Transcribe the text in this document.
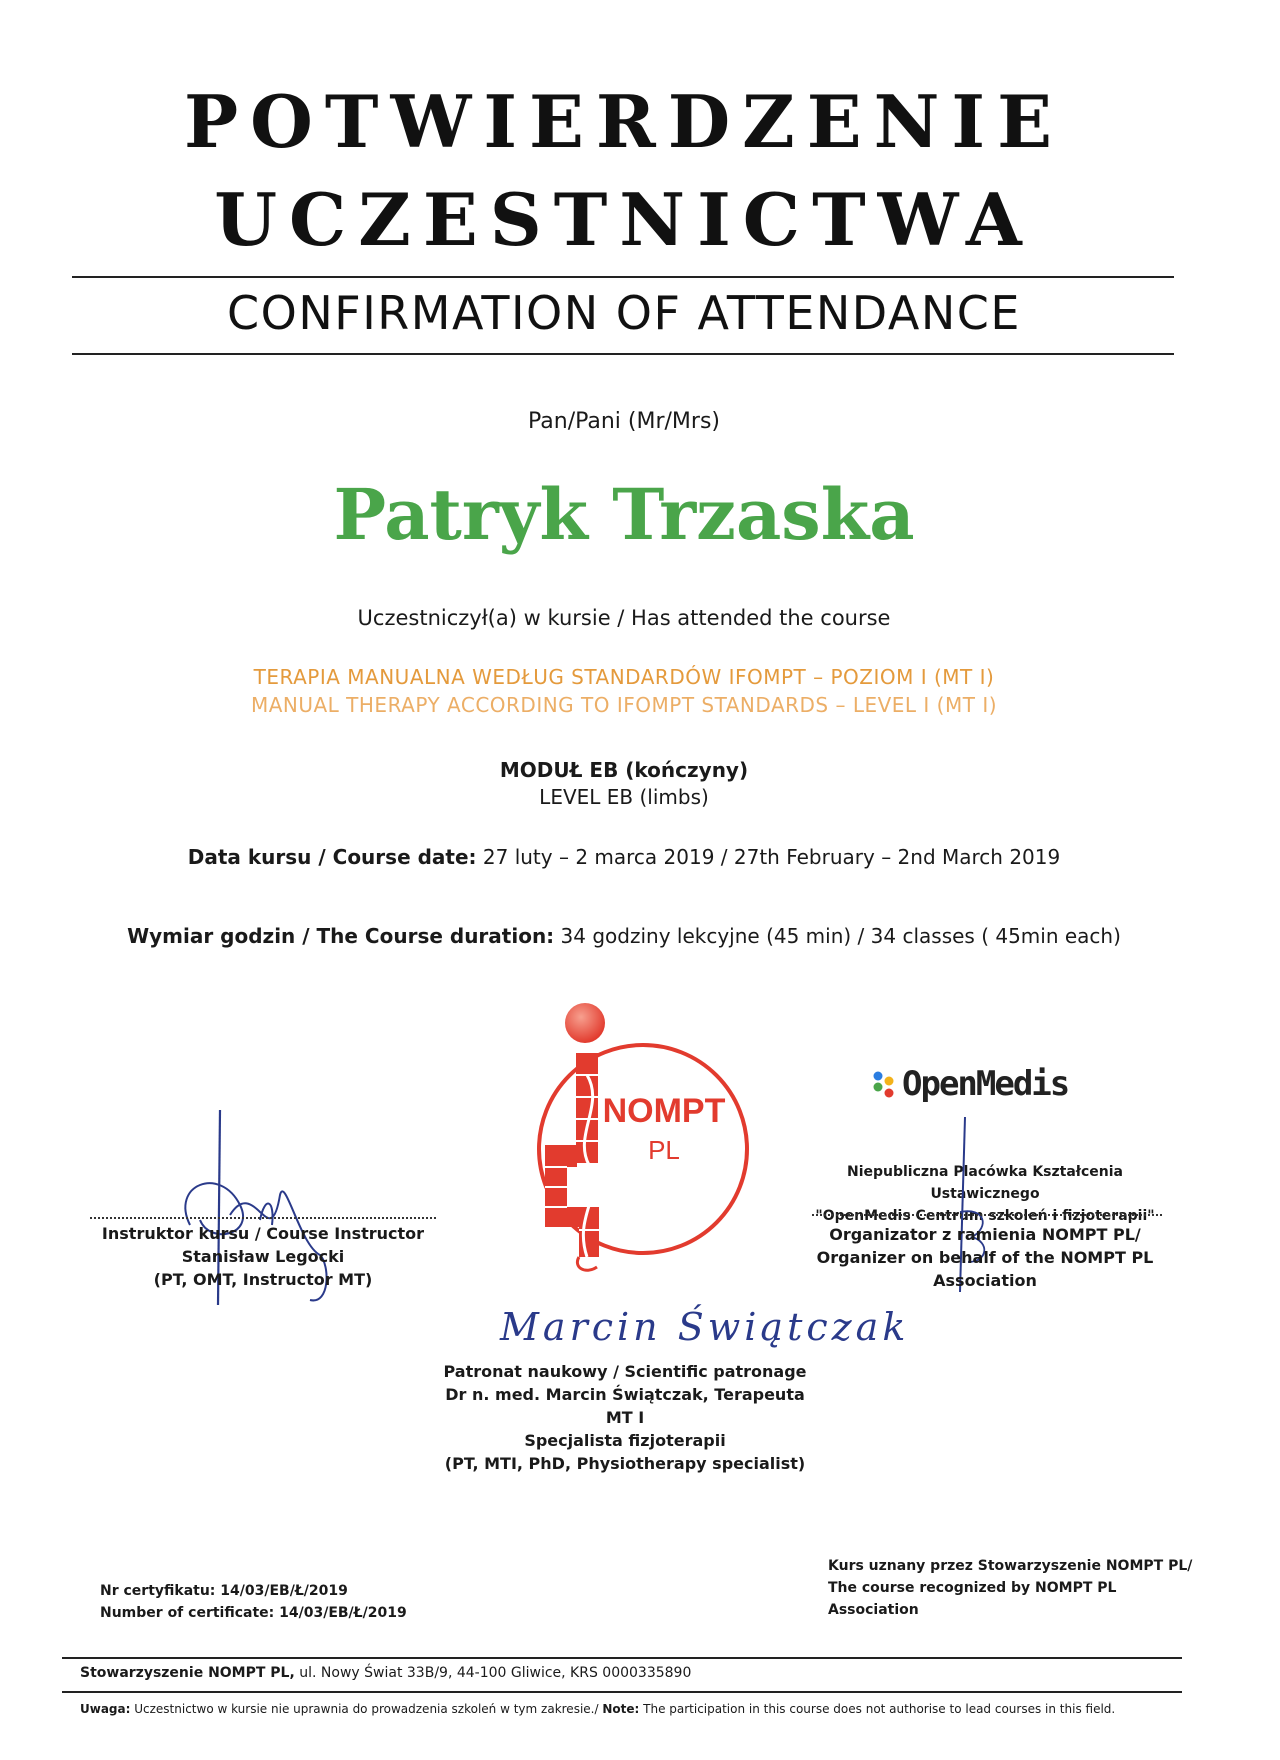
POTWIERDZENIE
UCZESTNICTWA
CONFIRMATION OF ATTENDANCE
Pan/Pani (Mr/Mrs)
Patryk Trzaska
Uczestniczył(a) w kursie / Has attended the course
TERAPIA MANUALNA WEDŁUG STANDARDÓW IFOMPT – POZIOM I (MT I)
MANUAL THERAPY ACCORDING TO IFOMPT STANDARDS – LEVEL I (MT I)
MODUŁ EB (kończyny)
LEVEL EB (limbs)
Data kursu / Course date: 27 luty – 2 marca 2019 / 27th February – 2nd March 2019
Wymiar godzin / The Course duration: 34 godziny lekcyjne (45 min) / 34 classes ( 45min each)
NOMPT
PL
OpenMedis
Instruktor kursu / Course Instructor
Stanisław Legocki
(PT, OMT, Instructor MT)
Niepubliczna Placówka Kształcenia Ustawicznego
"OpenMedis Centrum szkoleń i fizjoterapii"
Organizator z ramienia NOMPT PL/
Organizer on behalf of the NOMPT PL
Association
Marcin Świątczak
Patronat naukowy / Scientific patronage
Dr n. med. Marcin Świątczak, Terapeuta MT I
Specjalista fizjoterapii
(PT, MTI, PhD, Physiotherapy specialist)
Nr certyfikatu: 14/03/EB/Ł/2019
Number of certificate: 14/03/EB/Ł/2019
Kurs uznany przez Stowarzyszenie NOMPT PL/
The course recognized by NOMPT PL Association
Stowarzyszenie NOMPT PL, ul. Nowy Świat 33B/9, 44-100 Gliwice, KRS 0000335890
Uwaga: Uczestnictwo w kursie nie uprawnia do prowadzenia szkoleń w tym zakresie./ Note: The participation in this course does not authorise to lead courses in this field.
